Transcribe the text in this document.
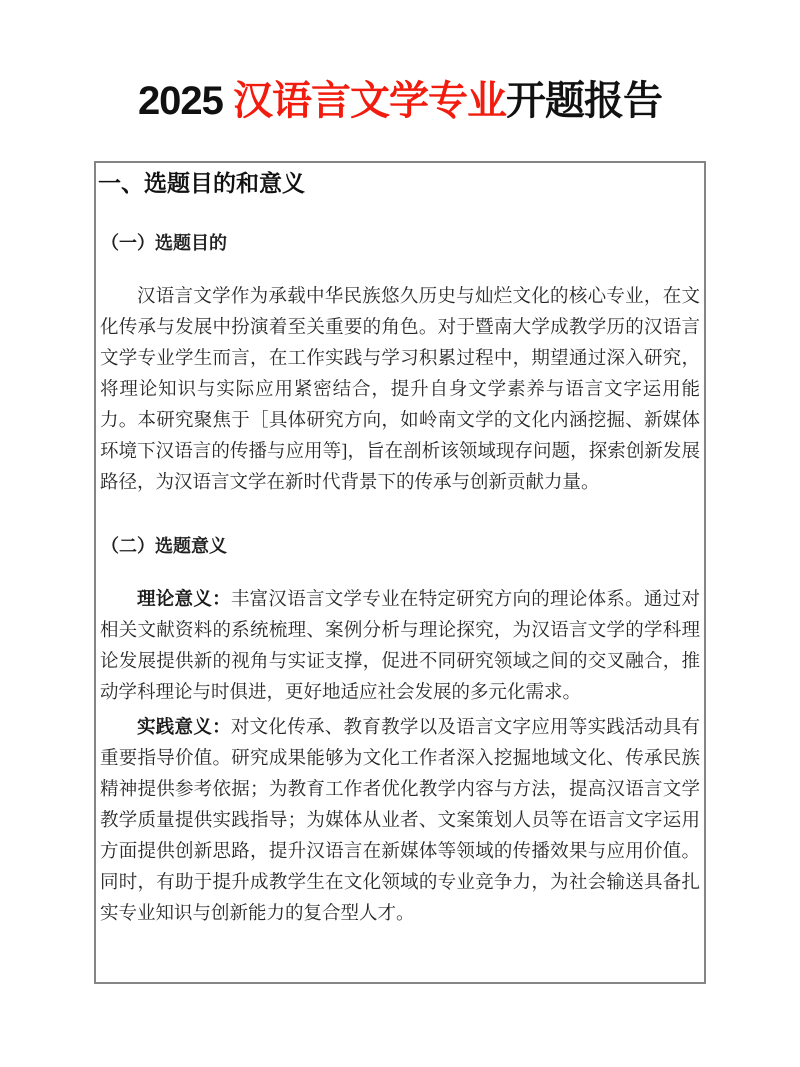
2025 汉语言文学专业开题报告
一、选题目的和意义
（一）选题目的

汉语言文学作为承载中华民族悠久历史与灿烂文化的核心专业，在文化传承与发展中扮演着至关重要的角色。对于暨南大学成教学历的汉语言文学专业学生而言，在工作实践与学习积累过程中，期望通过深入研究，将理论知识与实际应用紧密结合，提升自身文学素养与语言文字运用能力。本研究聚焦于［具体研究方向，如岭南文学的文化内涵挖掘、新媒体环境下汉语言的传播与应用等]，旨在剖析该领域现存问题，探索创新发展路径，为汉语言文学在新时代背景下的传承与创新贡献力量。

（二）选题意义

理论意义：丰富汉语言文学专业在特定研究方向的理论体系。通过对相关文献资料的系统梳理、案例分析与理论探究，为汉语言文学的学科理论发展提供新的视角与实证支撑，促进不同研究领域之间的交叉融合，推动学科理论与时俱进，更好地适应社会发展的多元化需求。

实践意义：对文化传承、教育教学以及语言文字应用等实践活动具有重要指导价值。研究成果能够为文化工作者深入挖掘地域文化、传承民族精神提供参考依据；为教育工作者优化教学内容与方法，提高汉语言文学教学质量提供实践指导；为媒体从业者、文案策划人员等在语言文字运用方面提供创新思路，提升汉语言在新媒体等领域的传播效果与应用价值。同时，有助于提升成教学生在文化领域的专业竞争力，为社会输送具备扎实专业知识与创新能力的复合型人才。
